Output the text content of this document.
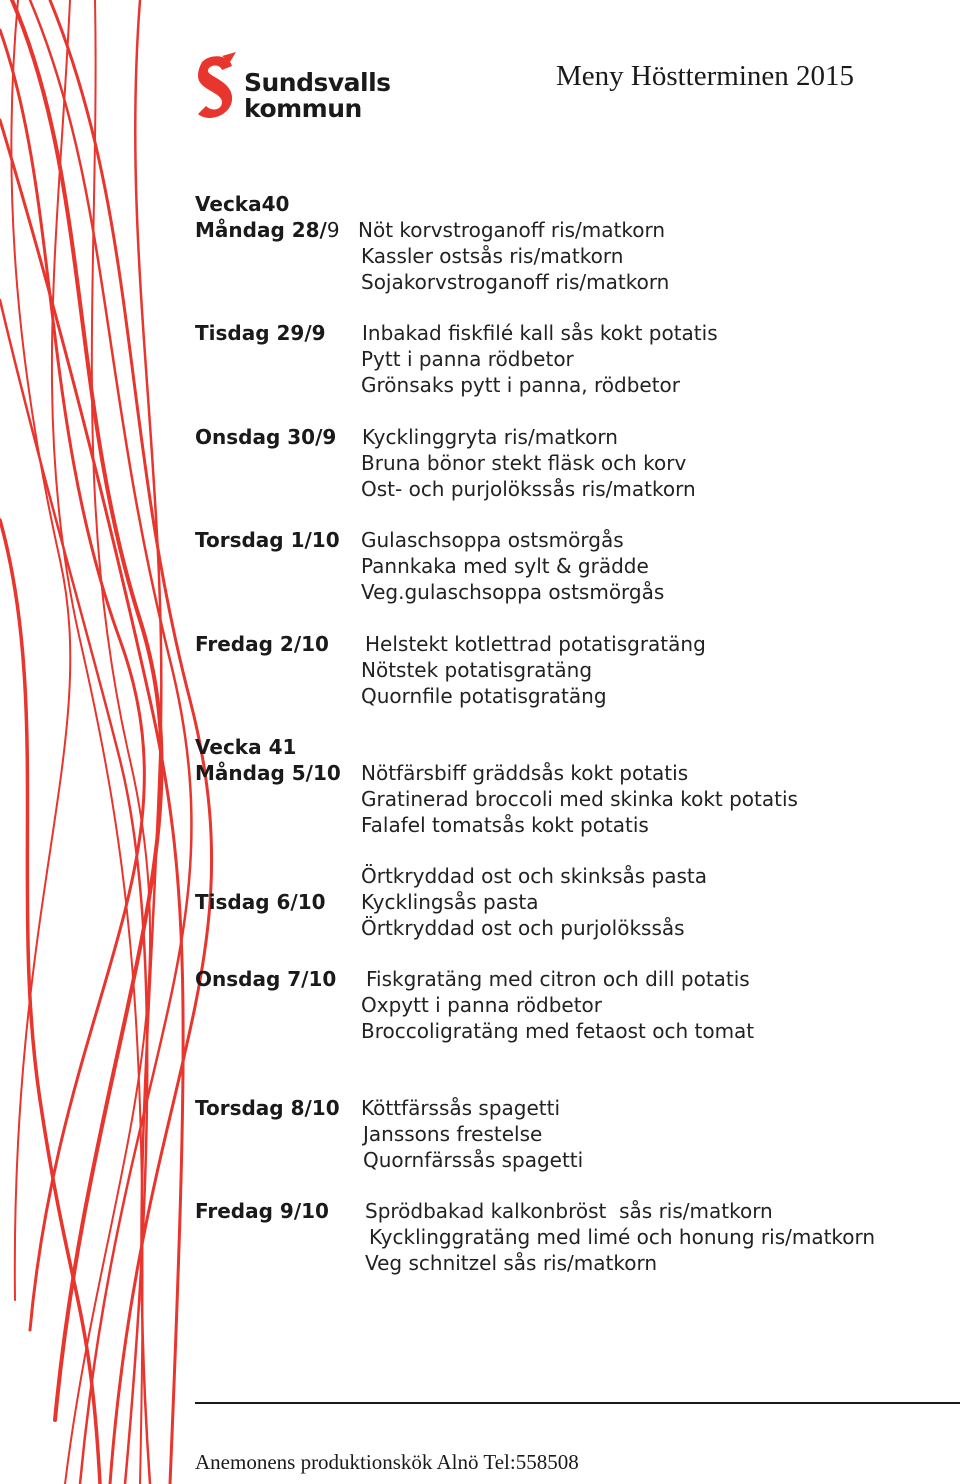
Sundsvalls
kommun
Meny Höstterminen 2015
Vecka40
Måndag 28/9 Nöt korvstroganoff ris/matkorn
Kassler ostsås ris/matkorn
Sojakorvstroganoff ris/matkorn
Tisdag 29/9 Inbakad fiskfilé kall sås kokt potatis
Pytt i panna rödbetor
Grönsaks pytt i panna, rödbetor
Onsdag 30/9 Kycklinggryta ris/matkorn
Bruna bönor stekt fläsk och korv
Ost- och purjolökssås ris/matkorn
Torsdag 1/10 Gulaschsoppa ostsmörgås
Pannkaka med sylt & grädde
Veg.gulaschsoppa ostsmörgås
Fredag 2/10 Helstekt kotlettrad potatisgratäng
Nötstek potatisgratäng
Quornfile potatisgratäng
Vecka 41
Måndag 5/10 Nötfärsbiff gräddsås kokt potatis
Gratinerad broccoli med skinka kokt potatis
Falafel tomatsås kokt potatis
Örtkryddad ost och skinksås pasta
Tisdag 6/10 Kycklingsås pasta
Örtkryddad ost och purjolökssås
Onsdag 7/10 Fiskgratäng med citron och dill potatis
Oxpytt i panna rödbetor
Broccoligratäng med fetaost och tomat
Torsdag 8/10 Köttfärssås spagetti
Janssons frestelse
Quornfärssås spagetti
Fredag 9/10 Sprödbakad kalkonbröst  sås ris/matkorn
Kycklinggratäng med limé och honung ris/matkorn
Veg schnitzel sås ris/matkorn
Anemonens produktionskök Alnö Tel:558508
